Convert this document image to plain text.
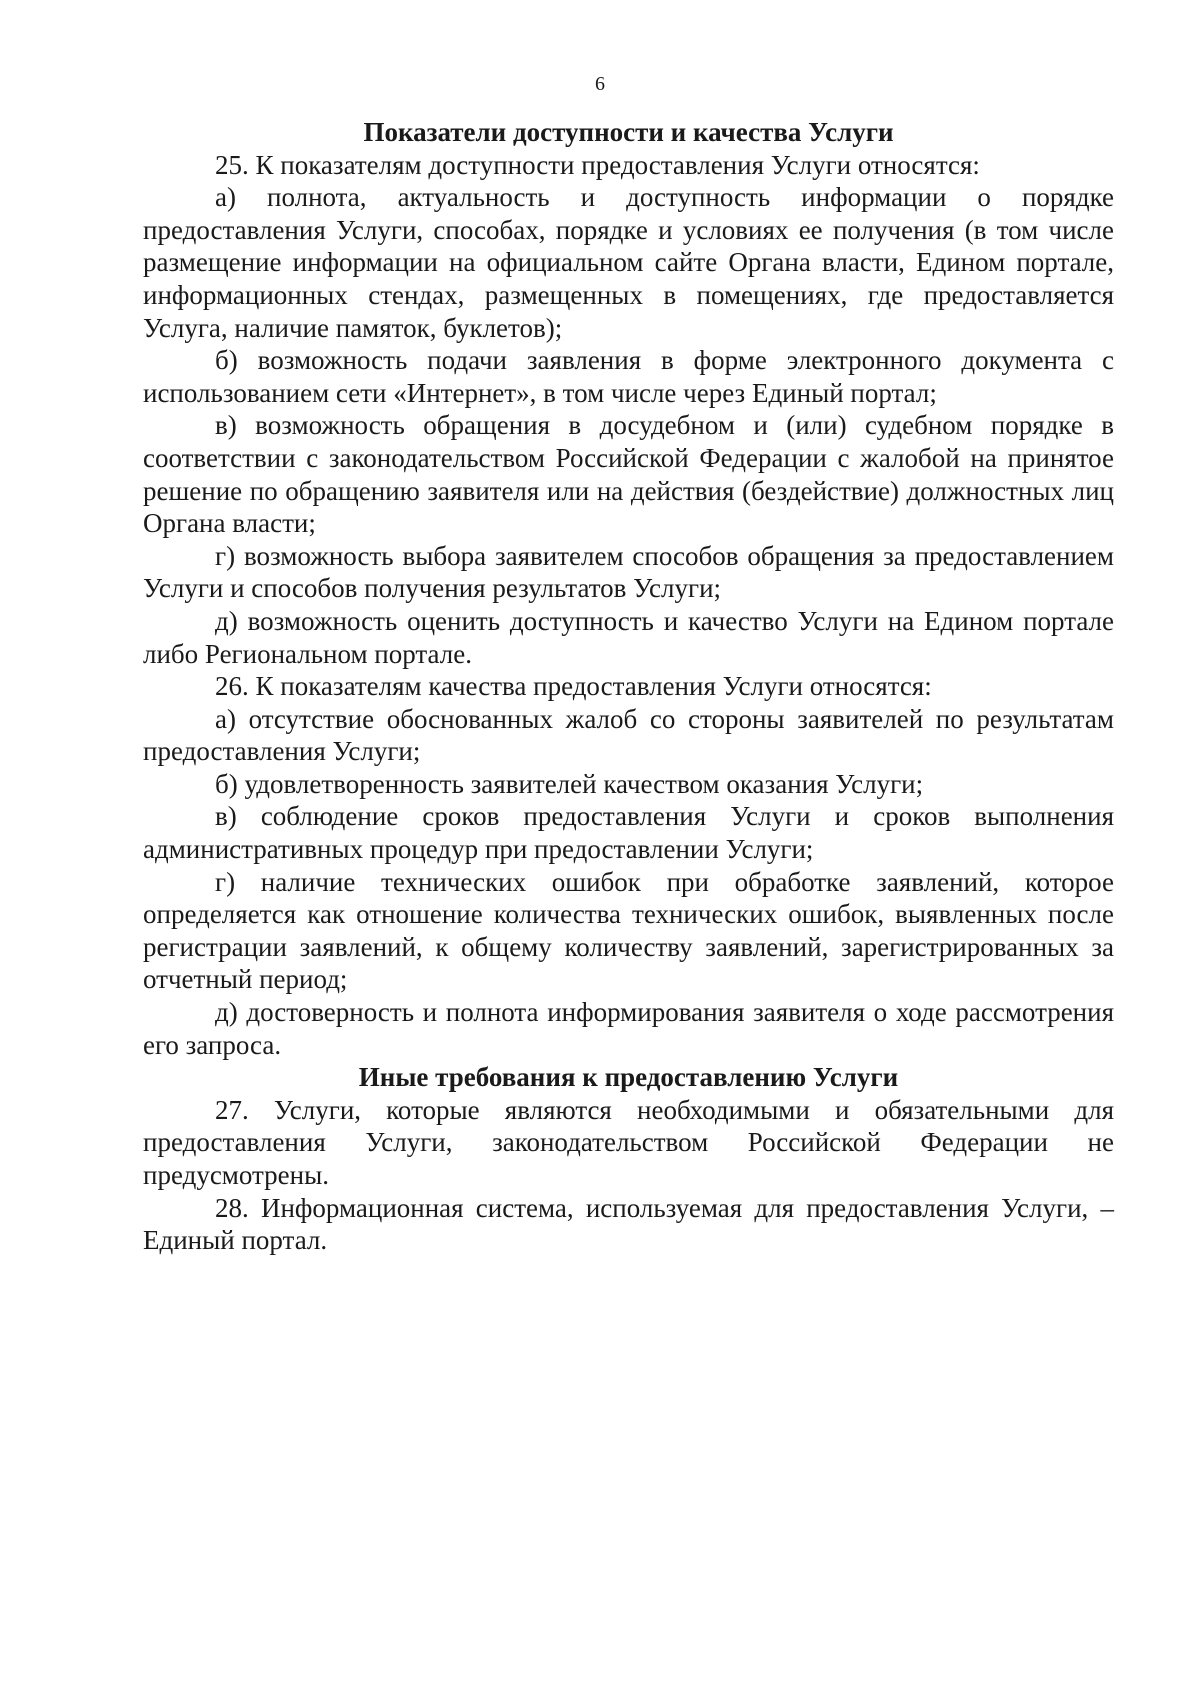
6
Показатели доступности и качества Услуги

25. К показателям доступности предоставления Услуги относятся:

а) полнота, актуальность и доступность информации о порядке предоставления Услуги, способах, порядке и условиях ее получения (в том числе размещение информации на официальном сайте Органа власти, Едином портале, информационных стендах, размещенных в помещениях, где предоставляется Услуга, наличие памяток, буклетов);

б) возможность подачи заявления в форме электронного документа с использованием сети «Интернет», в том числе через Единый портал;

в) возможность обращения в досудебном и (или) судебном порядке в соответствии с законодательством Российской Федерации с жалобой на принятое решение по обращению заявителя или на действия (бездействие) должностных лиц Органа власти;

г) возможность выбора заявителем способов обращения за предоставлением Услуги и способов получения результатов Услуги;

д) возможность оценить доступность и качество Услуги на Едином портале либо Региональном портале.

26. К показателям качества предоставления Услуги относятся:

а) отсутствие обоснованных жалоб со стороны заявителей по результатам предоставления Услуги;

б) удовлетворенность заявителей качеством оказания Услуги;

в) соблюдение сроков предоставления Услуги и сроков выполнения административных процедур при предоставлении Услуги;

г) наличие технических ошибок при обработке заявлений, которое определяется как отношение количества технических ошибок, выявленных после регистрации заявлений, к общему количеству заявлений, зарегистрированных за отчетный период;

д) достоверность и полнота информирования заявителя о ходе рассмотрения его запроса.

Иные требования к предоставлению Услуги

27. Услуги, которые являются необходимыми и обязательными для предоставления Услуги, законодательством Российской Федерации не предусмотрены.

28. Информационная система, используемая для предоставления Услуги, – Единый портал.
